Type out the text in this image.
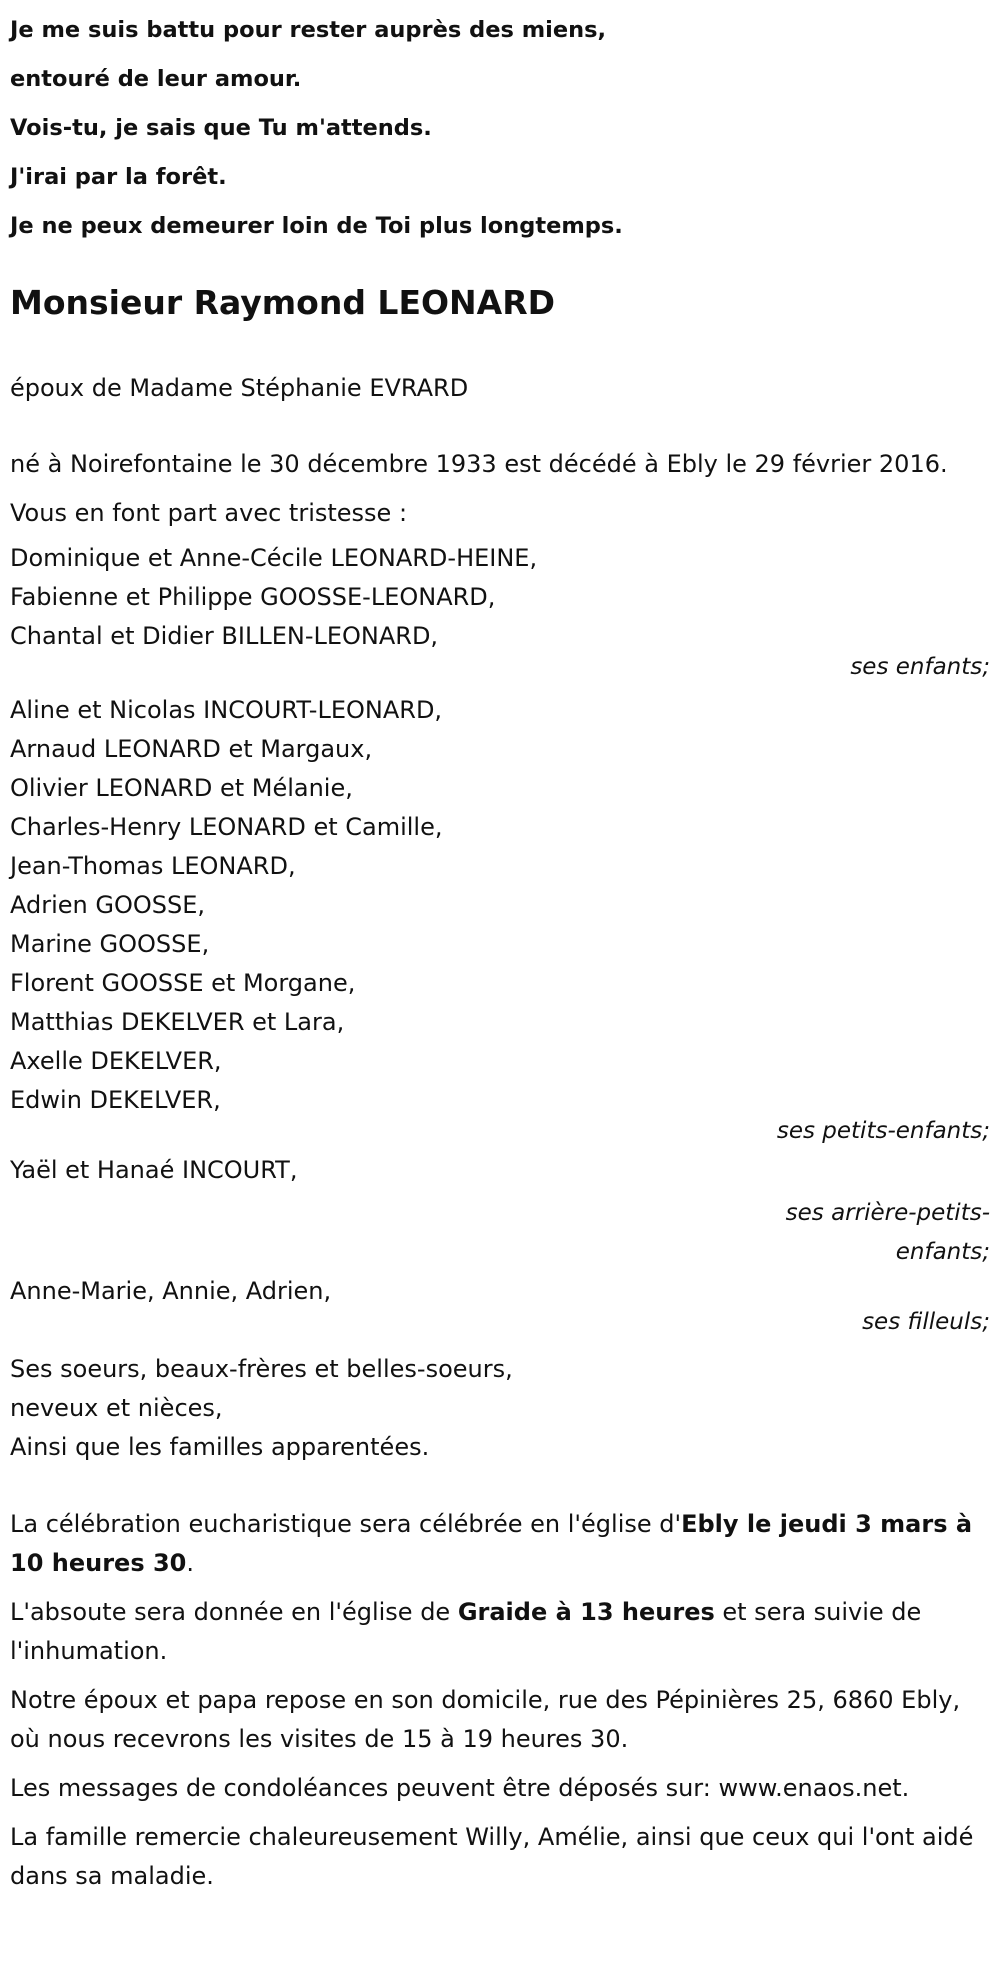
Je me suis battu pour rester auprès des miens,
entouré de leur amour.
Vois-tu, je sais que Tu m'attends.
J'irai par la forêt.
Je ne peux demeurer loin de Toi plus longtemps.
Monsieur Raymond LEONARD

époux de Madame Stéphanie EVRARD

né à Noirefontaine le 30 décembre 1933 est décédé à Ebly le 29 février 2016.

Vous en font part avec tristesse :

Dominique et Anne-Cécile LEONARD-HEINE,
Fabienne et Philippe GOOSSE-LEONARD,
Chantal et Didier BILLEN-LEONARD,

ses enfants;

Aline et Nicolas INCOURT-LEONARD,
Arnaud LEONARD et Margaux,
Olivier LEONARD et Mélanie,
Charles-Henry LEONARD et Camille,
Jean-Thomas LEONARD,
Adrien GOOSSE,
Marine GOOSSE,
Florent GOOSSE et Morgane,
Matthias DEKELVER et Lara,
Axelle DEKELVER,
Edwin DEKELVER,

ses petits-enfants;

Yaël et Hanaé INCOURT,
ses arrière-petits-
enfants;
Anne-Marie, Annie, Adrien,

ses filleuls;

Ses soeurs, beaux-frères et belles-soeurs,
neveux et nièces,
Ainsi que les familles apparentées.

La célébration eucharistique sera célébrée en l'église d'Ebly le jeudi 3 mars à 10 heures 30.

L'absoute sera donnée en l'église de Graide à 13 heures et sera suivie de l'inhumation.

Notre époux et papa repose en son domicile, rue des Pépinières 25, 6860 Ebly, où nous recevrons les visites de 15 à 19 heures 30.

Les messages de condoléances peuvent être déposés sur: www.enaos.net.

La famille remercie chaleureusement Willy, Amélie, ainsi que ceux qui l'ont aidé dans sa maladie.
